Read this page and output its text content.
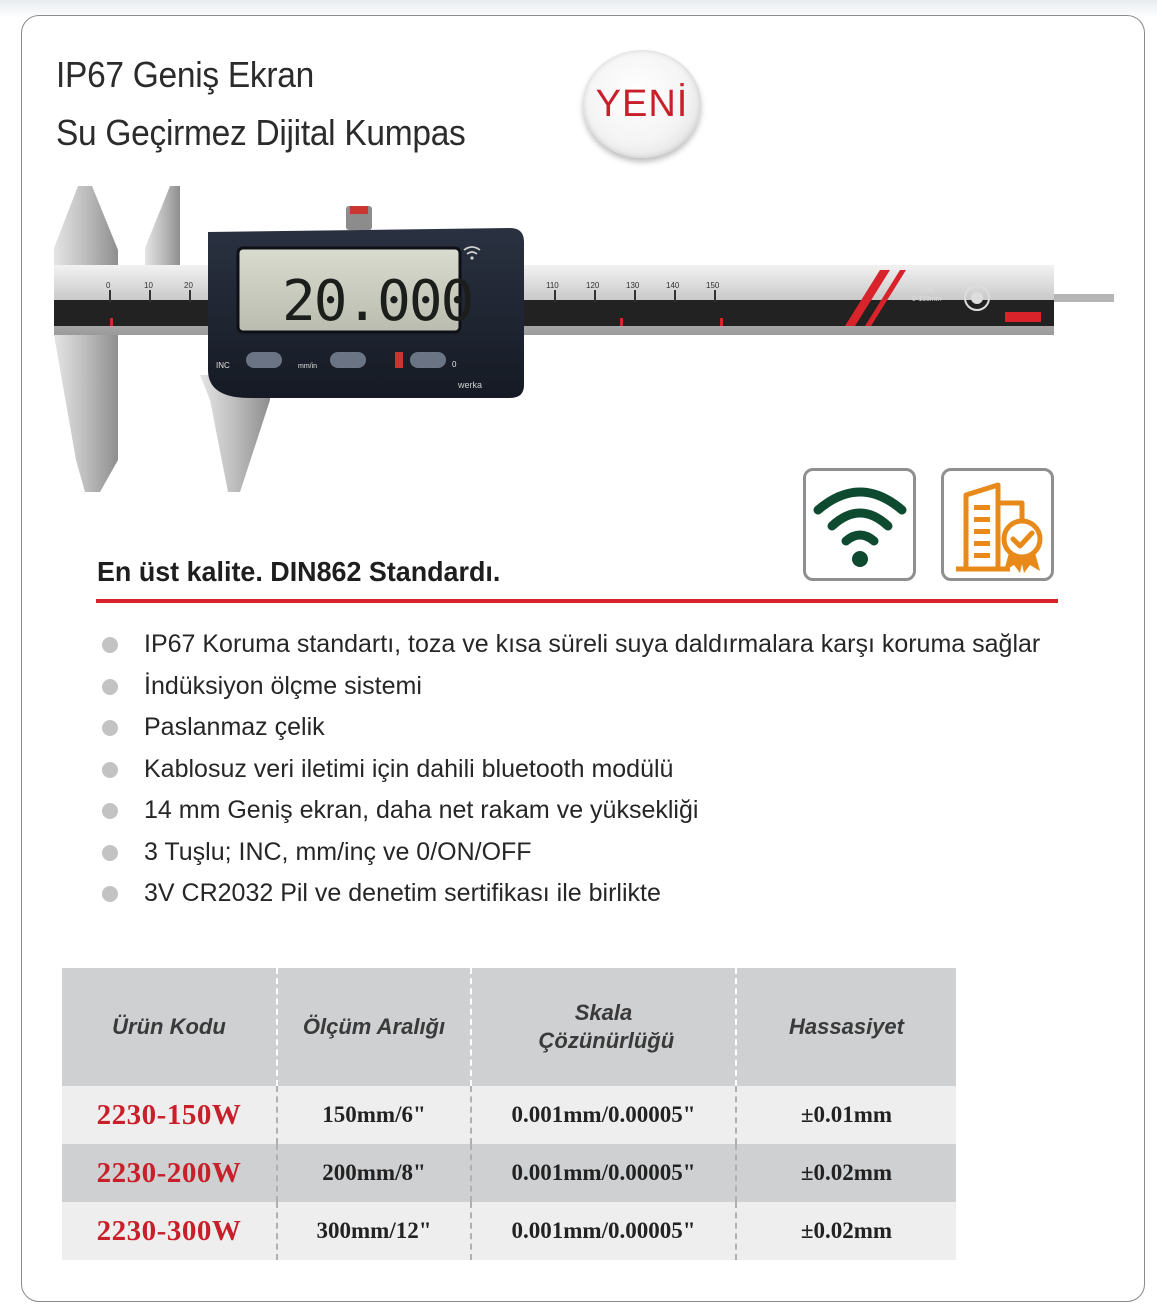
IP67 Geniş Ekran
Su Geçirmez Dijital Kumpas
YENİ
0	10	20	110	120	130	140	150
0.01
0-150mm
20.000
INC	mm/in	0
werka
En üst kalite. DIN862 Standardı.
IP67 Koruma standartı, toza ve kısa süreli suya daldırmalara karşı koruma sağlar
İndüksiyon ölçme sistemi
Paslanmaz çelik
Kablosuz veri iletimi için dahili bluetooth modülü
14 mm Geniş ekran, daha net rakam ve yüksekliği
3 Tuşlu; INC, mm/inç ve 0/ON/OFF
3V CR2032 Pil ve denetim sertifikası ile birlikte
Ürün Kodu	Ölçüm Aralığı	Skala Çözünürlüğü	Hassasiyet
2230-150W	150mm/6"	0.001mm/0.00005"	±0.01mm
2230-200W	200mm/8"	0.001mm/0.00005"	±0.02mm
2230-300W	300mm/12"	0.001mm/0.00005"	±0.02mm
